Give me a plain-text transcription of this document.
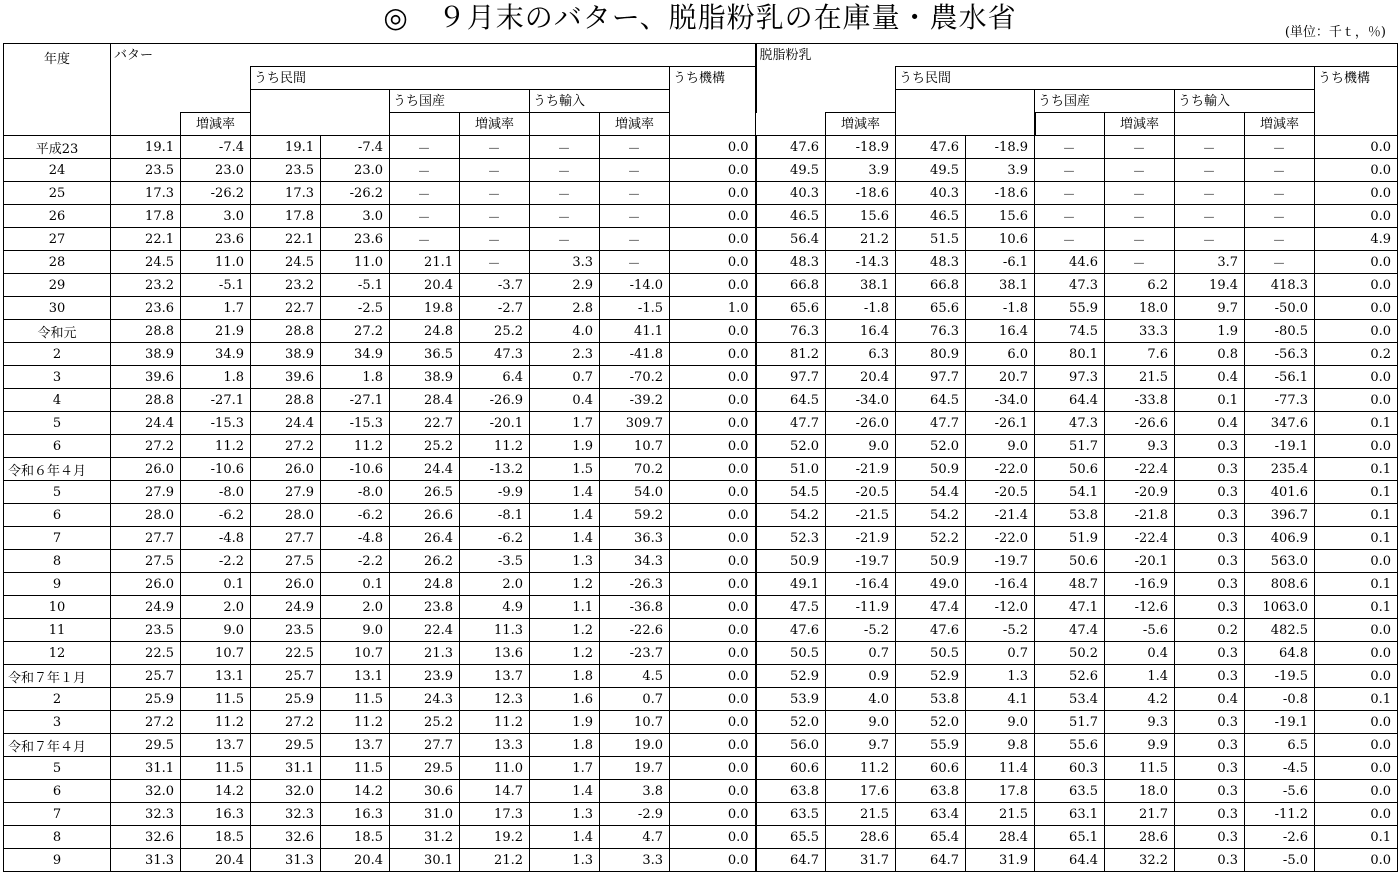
◎　９月末のバター、脱脂粉乳の在庫量・農水省	(単位：千ｔ，％)
年度	バター									脱脂粉乳									
			うち民間						うち機構			うち民間						うち機構	
					うち国産		うち輸入							うち国産		うち輸入			
		増減率				増減率		増減率			増減率				増減率		増減率				
平成23	19.1	-7.4	19.1	-7.4	－	－	－	－	0.0	47.6	-18.9	47.6	-18.9	－	－	－	－	0.0	
24	23.5	23.0	23.5	23.0	－	－	－	－	0.0	49.5	3.9	49.5	3.9	－	－	－	－	0.0	
25	17.3	-26.2	17.3	-26.2	－	－	－	－	0.0	40.3	-18.6	40.3	-18.6	－	－	－	－	0.0	
26	17.8	3.0	17.8	3.0	－	－	－	－	0.0	46.5	15.6	46.5	15.6	－	－	－	－	0.0	
27	22.1	23.6	22.1	23.6	－	－	－	－	0.0	56.4	21.2	51.5	10.6	－	－	－	－	4.9	
28	24.5	11.0	24.5	11.0	21.1	－	3.3	－	0.0	48.3	-14.3	48.3	-6.1	44.6	－	3.7	－	0.0	
29	23.2	-5.1	23.2	-5.1	20.4	-3.7	2.9	-14.0	0.0	66.8	38.1	66.8	38.1	47.3	6.2	19.4	418.3	0.0	
30	23.6	1.7	22.7	-2.5	19.8	-2.7	2.8	-1.5	1.0	65.6	-1.8	65.6	-1.8	55.9	18.0	9.7	-50.0	0.0	
令和元	28.8	21.9	28.8	27.2	24.8	25.2	4.0	41.1	0.0	76.3	16.4	76.3	16.4	74.5	33.3	1.9	-80.5	0.0	
2	38.9	34.9	38.9	34.9	36.5	47.3	2.3	-41.8	0.0	81.2	6.3	80.9	6.0	80.1	7.6	0.8	-56.3	0.2	
3	39.6	1.8	39.6	1.8	38.9	6.4	0.7	-70.2	0.0	97.7	20.4	97.7	20.7	97.3	21.5	0.4	-56.1	0.0	
4	28.8	-27.1	28.8	-27.1	28.4	-26.9	0.4	-39.2	0.0	64.5	-34.0	64.5	-34.0	64.4	-33.8	0.1	-77.3	0.0	
5	24.4	-15.3	24.4	-15.3	22.7	-20.1	1.7	309.7	0.0	47.7	-26.0	47.7	-26.1	47.3	-26.6	0.4	347.6	0.1	
6	27.2	11.2	27.2	11.2	25.2	11.2	1.9	10.7	0.0	52.0	9.0	52.0	9.0	51.7	9.3	0.3	-19.1	0.0	
令和６年４月	26.0	-10.6	26.0	-10.6	24.4	-13.2	1.5	70.2	0.0	51.0	-21.9	50.9	-22.0	50.6	-22.4	0.3	235.4	0.1	
5	27.9	-8.0	27.9	-8.0	26.5	-9.9	1.4	54.0	0.0	54.5	-20.5	54.4	-20.5	54.1	-20.9	0.3	401.6	0.1	
6	28.0	-6.2	28.0	-6.2	26.6	-8.1	1.4	59.2	0.0	54.2	-21.5	54.2	-21.4	53.8	-21.8	0.3	396.7	0.1	
7	27.7	-4.8	27.7	-4.8	26.4	-6.2	1.4	36.3	0.0	52.3	-21.9	52.2	-22.0	51.9	-22.4	0.3	406.9	0.1	
8	27.5	-2.2	27.5	-2.2	26.2	-3.5	1.3	34.3	0.0	50.9	-19.7	50.9	-19.7	50.6	-20.1	0.3	563.0	0.0	
9	26.0	0.1	26.0	0.1	24.8	2.0	1.2	-26.3	0.0	49.1	-16.4	49.0	-16.4	48.7	-16.9	0.3	808.6	0.1	
10	24.9	2.0	24.9	2.0	23.8	4.9	1.1	-36.8	0.0	47.5	-11.9	47.4	-12.0	47.1	-12.6	0.3	1063.0	0.1	
11	23.5	9.0	23.5	9.0	22.4	11.3	1.2	-22.6	0.0	47.6	-5.2	47.6	-5.2	47.4	-5.6	0.2	482.5	0.0	
12	22.5	10.7	22.5	10.7	21.3	13.6	1.2	-23.7	0.0	50.5	0.7	50.5	0.7	50.2	0.4	0.3	64.8	0.0	
令和７年１月	25.7	13.1	25.7	13.1	23.9	13.7	1.8	4.5	0.0	52.9	0.9	52.9	1.3	52.6	1.4	0.3	-19.5	0.0	
2	25.9	11.5	25.9	11.5	24.3	12.3	1.6	0.7	0.0	53.9	4.0	53.8	4.1	53.4	4.2	0.4	-0.8	0.1	
3	27.2	11.2	27.2	11.2	25.2	11.2	1.9	10.7	0.0	52.0	9.0	52.0	9.0	51.7	9.3	0.3	-19.1	0.0	
令和７年４月	29.5	13.7	29.5	13.7	27.7	13.3	1.8	19.0	0.0	56.0	9.7	55.9	9.8	55.6	9.9	0.3	6.5	0.0	
5	31.1	11.5	31.1	11.5	29.5	11.0	1.7	19.7	0.0	60.6	11.2	60.6	11.4	60.3	11.5	0.3	-4.5	0.0	
6	32.0	14.2	32.0	14.2	30.6	14.7	1.4	3.8	0.0	63.8	17.6	63.8	17.8	63.5	18.0	0.3	-5.6	0.0	
7	32.3	16.3	32.3	16.3	31.0	17.3	1.3	-2.9	0.0	63.5	21.5	63.4	21.5	63.1	21.7	0.3	-11.2	0.0	
8	32.6	18.5	32.6	18.5	31.2	19.2	1.4	4.7	0.0	65.5	28.6	65.4	28.4	65.1	28.6	0.3	-2.6	0.1	
9	31.3	20.4	31.3	20.4	30.1	21.2	1.3	3.3	0.0	64.7	31.7	64.7	31.9	64.4	32.2	0.3	-5.0	0.0	
